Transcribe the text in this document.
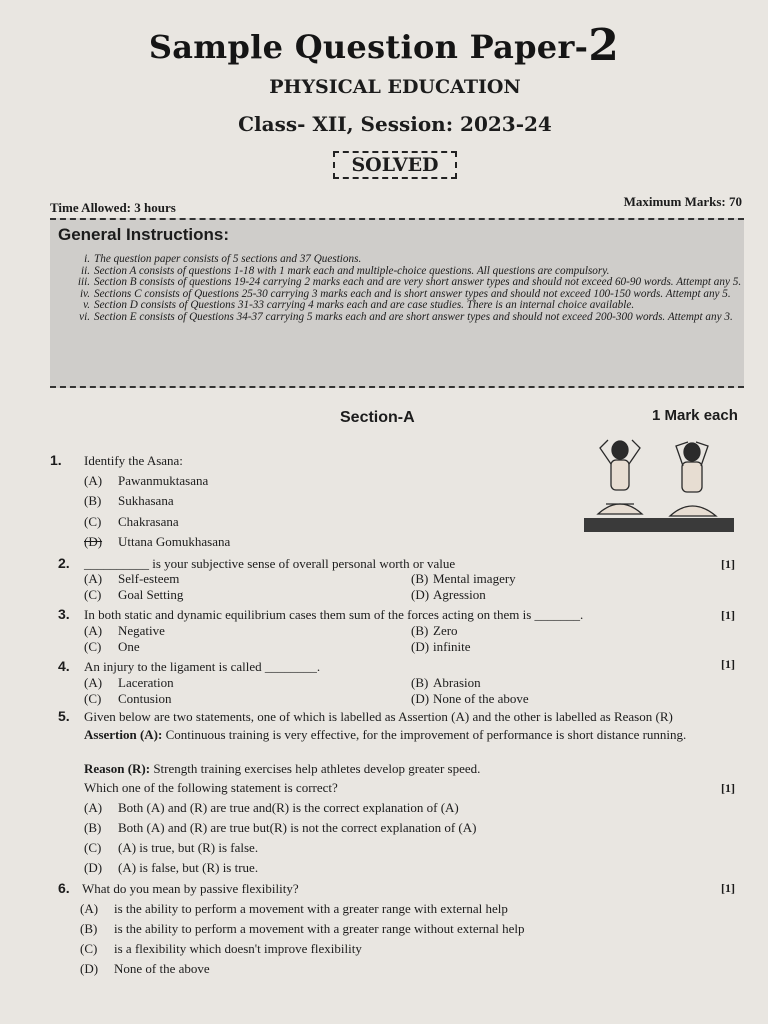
Sample Question Paper-2
PHYSICAL EDUCATION
Class- XII, Session: 2023-24
SOLVED
Time Allowed: 3 hours	Maximum Marks: 70
General Instructions:
i. The question paper consists of 5 sections and 37 Questions.
ii. Section A consists of questions 1-18 with 1 mark each and multiple-choice questions. All questions are compulsory.
iii. Section B consists of questions 19-24 carrying 2 marks each and are very short answer types and should not exceed 60-90 words. Attempt any 5.
iv. Sections C consists of Questions 25-30 carrying 3 marks each and is short answer types and should not exceed 100-150 words. Attempt any 5.
v. Section D consists of Questions 31-33 carrying 4 marks each and are case studies. There is an internal choice available.
vi. Section E consists of Questions 34-37 carrying 5 marks each and are short answer types and should not exceed 200-300 words. Attempt any 3.
Section-A	1 Mark each
1. Identify the Asana:
(A) Pawanmuktasana
(B) Sukhasana
(C) Chakrasana
(D) Uttana Gomukhasana
2. __________ is your subjective sense of overall personal worth or value	[1]
(A) Self-esteem	(B) Mental imagery
(C) Goal Setting	(D) Agression
3. In both static and dynamic equilibrium cases them sum of the forces acting on them is _______.	[1]
(A) Negative	(B) Zero
(C) One	(D) infinite
4. An injury to the ligament is called ________.	[1]
(A) Laceration	(B) Abrasion
(C) Contusion	(D) None of the above
5. Given below are two statements, one of which is labelled as Assertion (A) and the other is labelled as Reason (R)
Assertion (A): Continuous training is very effective, for the improvement of performance is short distance running.
Reason (R): Strength training exercises help athletes develop greater speed.
Which one of the following statement is correct?	[1]
(A) Both (A) and (R) are true and(R) is the correct explanation of (A)
(B) Both (A) and (R) are true but(R) is not the correct explanation of (A)
(C) (A) is true, but (R) is false.
(D) (A) is false, but (R) is true.
6. What do you mean by passive flexibility?	[1]
(A) is the ability to perform a movement with a greater range with external help
(B) is the ability to perform a movement with a greater range without external help
(C) is a flexibility which doesn't improve flexibility
(D) None of the above
